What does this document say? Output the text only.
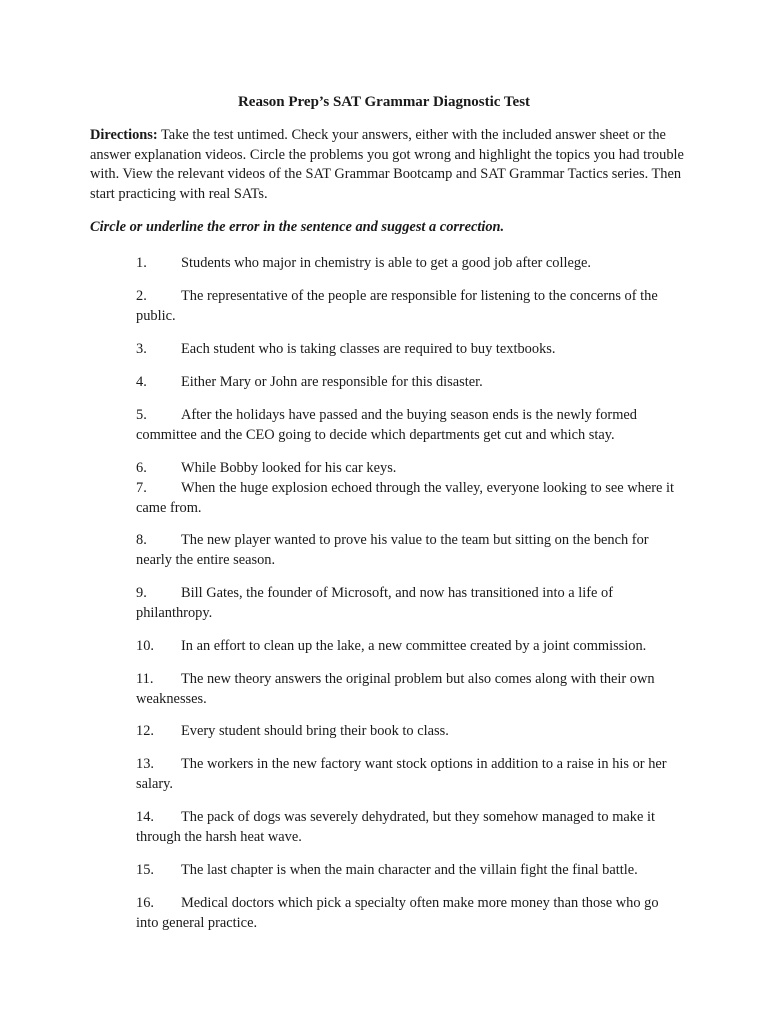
Reason Prep’s SAT Grammar Diagnostic Test

Directions: Take the test untimed. Check your answers, either with the included answer sheet or the answer explanation videos. Circle the problems you got wrong and highlight the topics you had trouble with. View the relevant videos of the SAT Grammar Bootcamp and SAT Grammar Tactics series. Then start practicing with real SATs.

Circle or underline the error in the sentence and suggest a correction.

1. Students who major in chemistry is able to get a good job after college.

2. The representative of the people are responsible for listening to the concerns of the public.

3. Each student who is taking classes are required to buy textbooks.

4. Either Mary or John are responsible for this disaster.

5. After the holidays have passed and the buying season ends is the newly formed committee and the CEO going to decide which departments get cut and which stay.

6. While Bobby looked for his car keys.

7. When the huge explosion echoed through the valley, everyone looking to see where it came from.

8. The new player wanted to prove his value to the team but sitting on the bench for nearly the entire season.

9. Bill Gates, the founder of Microsoft, and now has transitioned into a life of philanthropy.

10. In an effort to clean up the lake, a new committee created by a joint commission.

11. The new theory answers the original problem but also comes along with their own weaknesses.

12. Every student should bring their book to class.

13. The workers in the new factory want stock options in addition to a raise in his or her salary.

14. The pack of dogs was severely dehydrated, but they somehow managed to make it through the harsh heat wave.

15. The last chapter is when the main character and the villain fight the final battle.

16. Medical doctors which pick a specialty often make more money than those who go into general practice.
